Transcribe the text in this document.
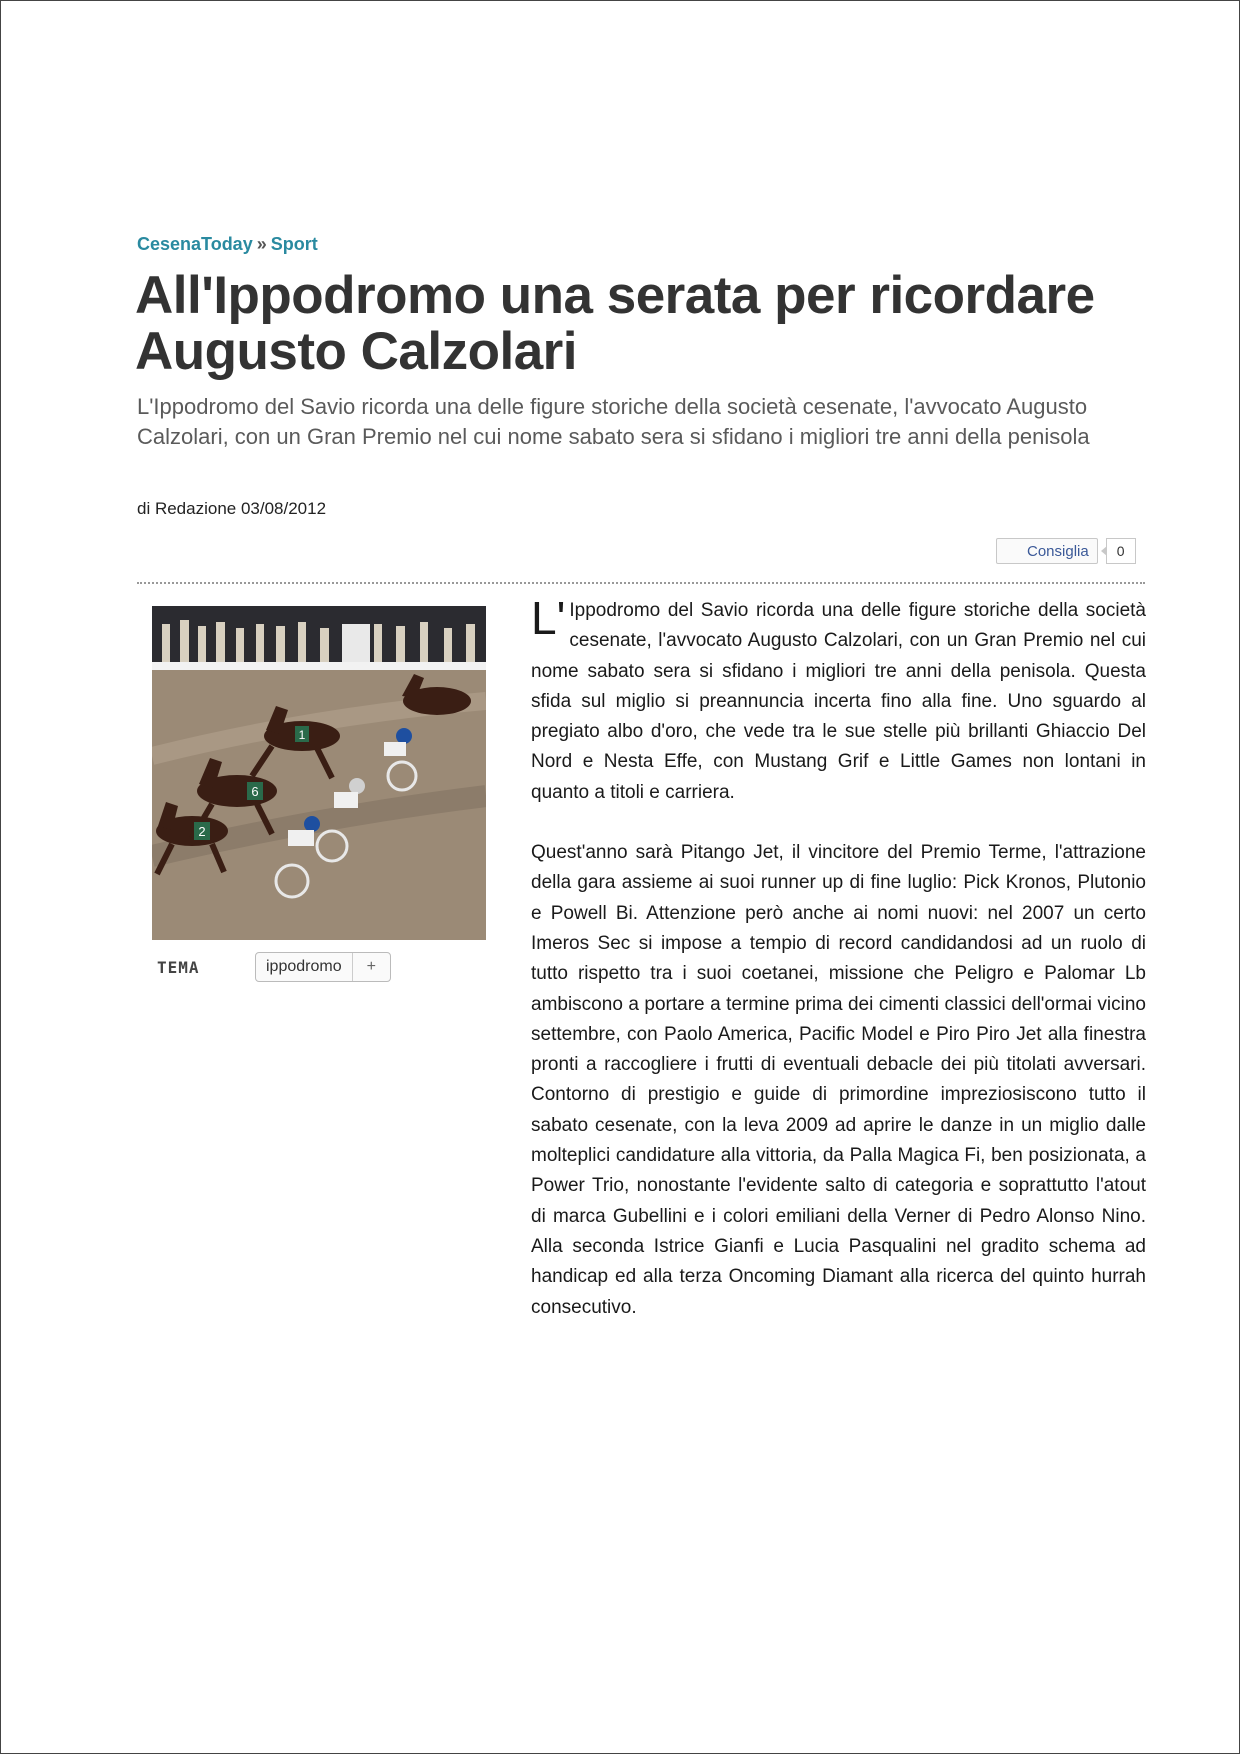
CesenaToday » Sport
All'Ippodromo una serata per ricordare Augusto Calzolari

L'Ippodromo del Savio ricorda una delle figure storiche della società cesenate, l'avvocato Augusto Calzolari, con un Gran Premio nel cui nome sabato sera si sfidano i migliori tre anni della penisola

di Redazione 03/08/2012
Consiglia	0
1
6
2
TEMA	ippodromo	+

L' Ippodromo del Savio ricorda una delle figure storiche della società cesenate, l'avvocato Augusto Calzolari, con un Gran Premio nel cui nome sabato sera si sfidano i migliori tre anni della penisola. Questa sfida sul miglio si preannuncia incerta fino alla fine. Uno sguardo al pregiato albo d'oro, che vede tra le sue stelle più brillanti Ghiaccio Del Nord e Nesta Effe, con Mustang Grif e Little Games non lontani in quanto a titoli e carriera.

Quest'anno sarà Pitango Jet, il vincitore del Premio Terme, l'attrazione della gara assieme ai suoi runner up di fine luglio: Pick Kronos, Plutonio e Powell Bi. Attenzione però anche ai nomi nuovi: nel 2007 un certo Imeros Sec si impose a tempio di record candidandosi ad un ruolo di tutto rispetto tra i suoi coetanei, missione che Peligro e Palomar Lb ambiscono a portare a termine prima dei cimenti classici dell'ormai vicino settembre, con Paolo America, Pacific Model e Piro Piro Jet alla finestra pronti a raccogliere i frutti di eventuali debacle dei più titolati avversari. Contorno di prestigio e guide di primordine impreziosiscono tutto il sabato cesenate, con la leva 2009 ad aprire le danze in un miglio dalle molteplici candidature alla vittoria, da Palla Magica Fi, ben posizionata, a Power Trio, nonostante l'evidente salto di categoria e soprattutto l'atout di marca Gubellini e i colori emiliani della Verner di Pedro Alonso Nino. Alla seconda Istrice Gianfi e Lucia Pasqualini nel gradito schema ad handicap ed alla terza Oncoming Diamant alla ricerca del quinto hurrah consecutivo.
